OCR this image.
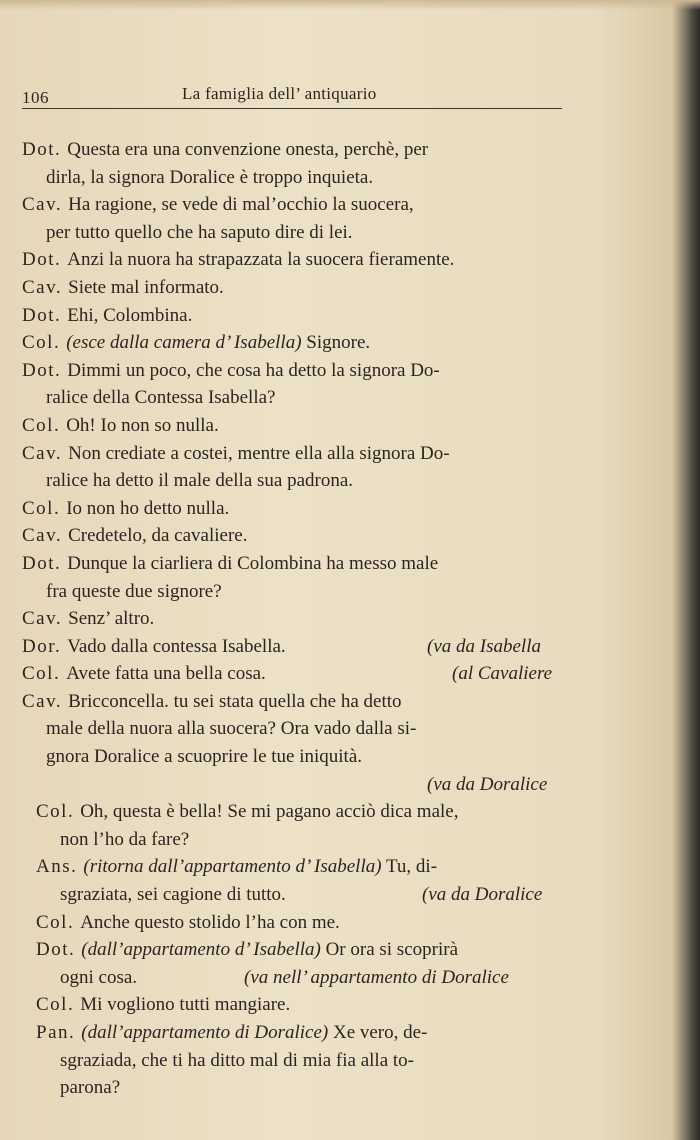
106	La famiglia dell’ antiquario
Dot. Questa era una convenzione onesta, perchè, per
dirla, la signora Doralice è troppo inquieta.
Cav. Ha ragione, se vede di mal’occhio la suocera,
per tutto quello che ha saputo dire di lei.
Dot. Anzi la nuora ha strapazzata la suocera fieramente.
Cav. Siete mal informato.
Dot. Ehi, Colombina.
Col. (esce dalla camera d’ Isabella) Signore.
Dot. Dimmi un poco, che cosa ha detto la signora Do-
ralice della Contessa Isabella?
Col. Oh! Io non so nulla.
Cav. Non crediate a costei, mentre ella alla signora Do-
ralice ha detto il male della sua padrona.
Col. Io non ho detto nulla.
Cav. Credetelo, da cavaliere.
Dot. Dunque la ciarliera di Colombina ha messo male
fra queste due signore?
Cav. Senz’ altro.
Dor. Vado dalla contessa Isabella.	(va da Isabella
Col. Avete fatta una bella cosa.	(al Cavaliere
Cav. Bricconcella. tu sei stata quella che ha detto
male della nuora alla suocera? Ora vado dalla si-
gnora Doralice a scuoprire le tue iniquità.
(va da Doralice
Col. Oh, questa è bella! Se mi pagano acciò dica male,
non l’ho da fare?
Ans. (ritorna dall’appartamento d’ Isabella) Tu, di-
sgraziata, sei cagione di tutto.	(va da Doralice
Col. Anche questo stolido l’ha con me.
Dot. (dall’appartamento d’ Isabella) Or ora si scoprirà
ogni cosa.	(va nell’ appartamento di Doralice
Col. Mi vogliono tutti mangiare.
Pan. (dall’appartamento di Doralice) Xe vero, de-
sgraziada, che ti ha ditto mal di mia fia alla to-
parona?
